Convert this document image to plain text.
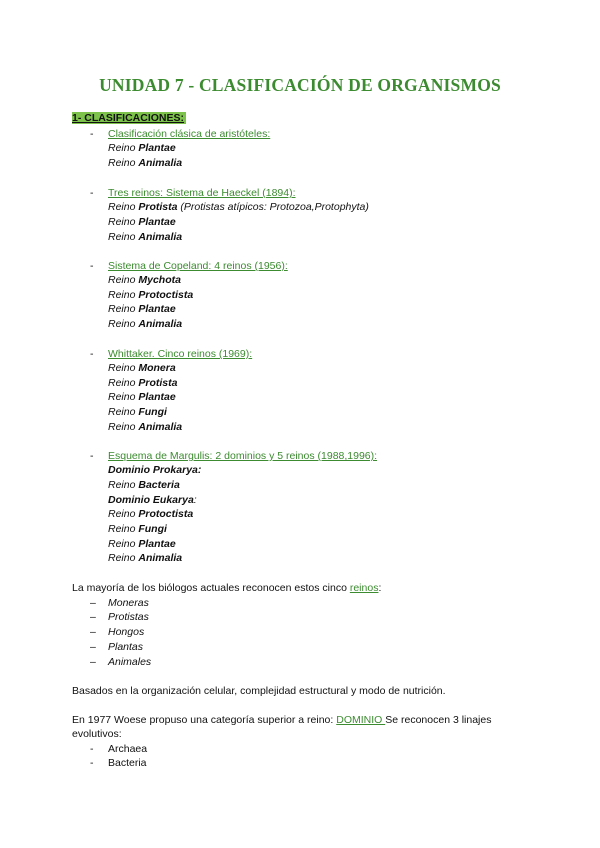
UNIDAD 7 - CLASIFICACIÓN DE ORGANISMOS
1- CLASIFICACIONES:
-	Clasificación clásica de aristóteles:
Reino Plantae
Reino Animalia
-	Tres reinos: Sistema de Haeckel (1894):
Reino Protista (Protistas atípicos: Protozoa,Protophyta)
Reino Plantae
Reino Animalia
-	Sistema de Copeland: 4 reinos (1956):
Reino Mychota
Reino Protoctista
Reino Plantae
Reino Animalia
-	Whittaker. Cinco reinos (1969):
Reino Monera
Reino Protista
Reino Plantae
Reino Fungi
Reino Animalia
-	Esquema de Margulis: 2 dominios y 5 reinos (1988,1996):
Dominio Prokarya:
Reino Bacteria
Dominio Eukarya:
Reino Protoctista
Reino Fungi
Reino Plantae
Reino Animalia
La mayoría de los biólogos actuales reconocen estos cinco reinos:
–	Moneras
–	Protistas
–	Hongos
–	Plantas
–	Animales
Basados en la organización celular, complejidad estructural y modo de nutrición.
En 1977 Woese propuso una categoría superior a reino: DOMINIO Se reconocen 3 linajes
evolutivos:
-	Archaea
-	Bacteria
